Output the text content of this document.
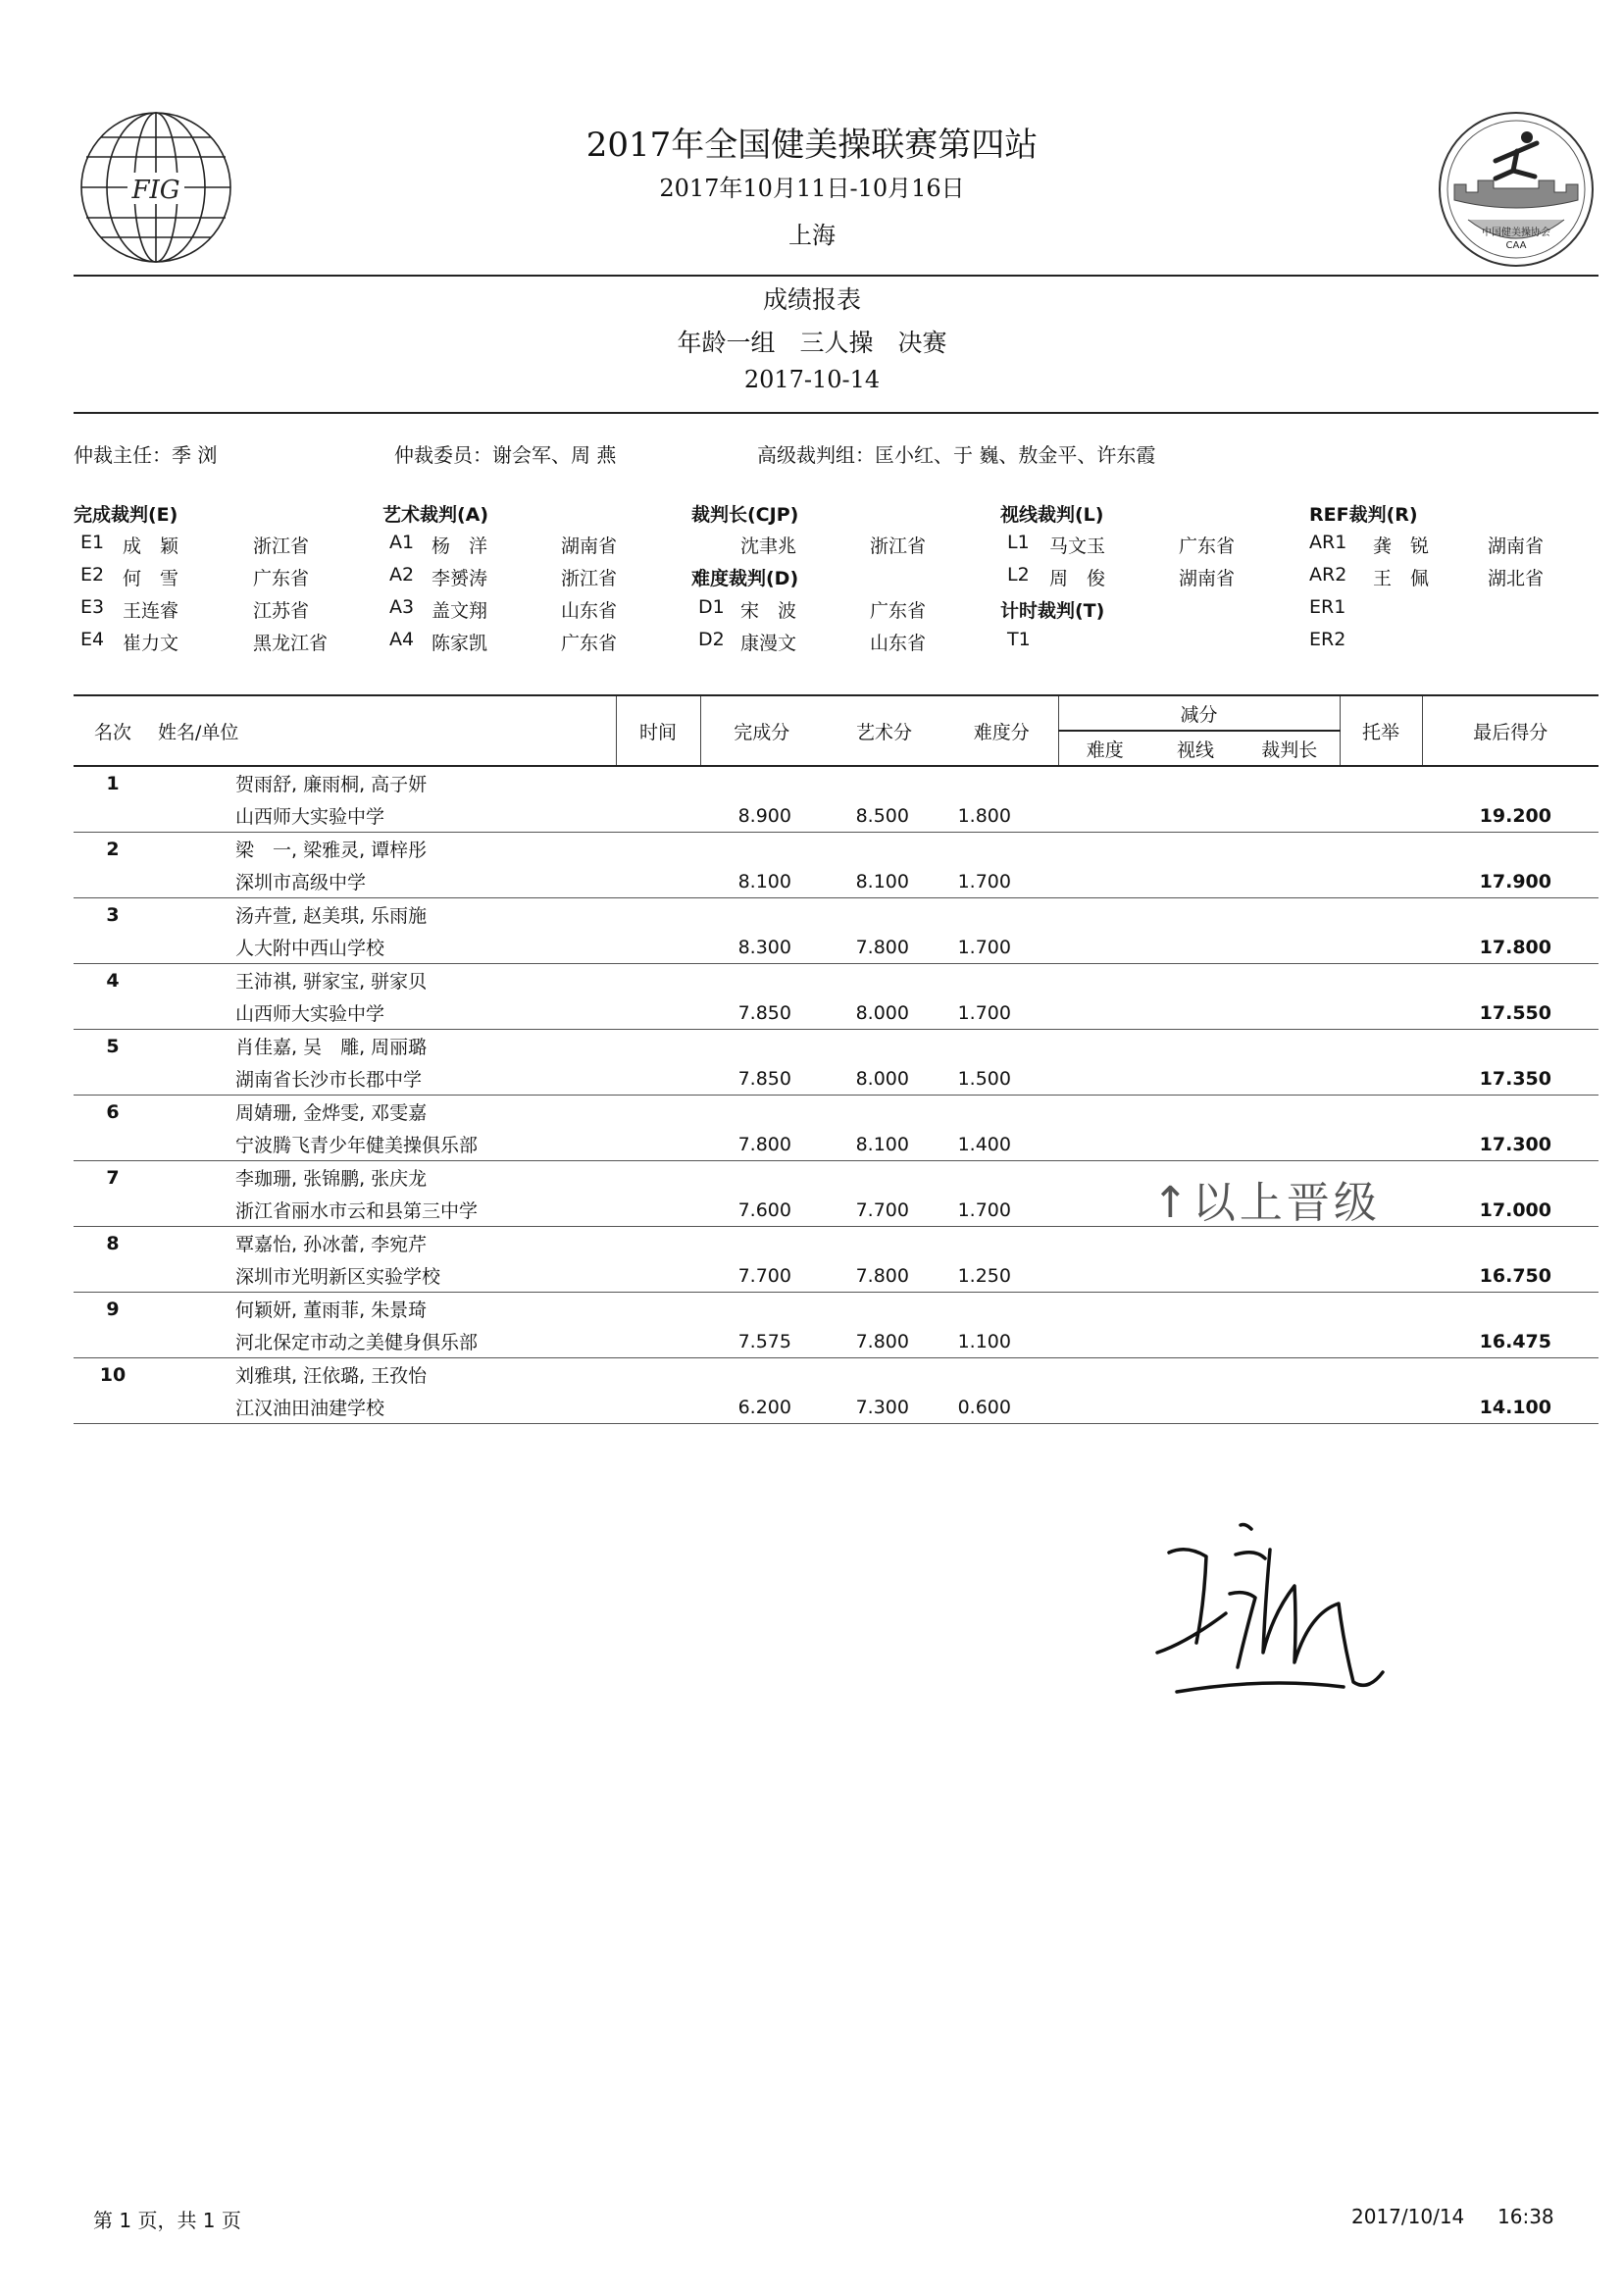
FIG
中国健美操协会
CAA
2017年全国健美操联赛第四站
2017年10月11日-10月16日
上海
成绩报表
年龄一组　三人操　决赛
2017-10-14
仲裁主任：季 浏	仲裁委员：谢会军、周 燕	高级裁判组：匡小红、于 巍、敖金平、许东霞
完成裁判(E)
E1 成　颖	浙江省
E2 何　雪	广东省
E3 王连睿	江苏省
E4 崔力文	黑龙江省
艺术裁判(A)
A1 杨　洋	湖南省
A2 李赟涛	浙江省
A3 盖文翔	山东省
A4 陈家凯	广东省
裁判长(CJP)
沈聿兆	浙江省
难度裁判(D)
D1 宋　波	广东省
D2 康漫文	山东省
视线裁判(L)
L1 马文玉	广东省
L2 周　俊	湖南省
计时裁判(T)
T1
REF裁判(R)
AR1 龚　锐	湖南省
AR2 王　佩	湖北省
ER1
ER2
名次	姓名/单位	时间	完成分	艺术分	难度分	减分			托举	最后得分
						难度	视线	裁判长		
1	贺雨舒, 廉雨桐, 高子妍									
	山西师大实验中学		8.900	8.500	1.800					19.200
2	梁　一, 梁雅灵, 谭梓彤									
	深圳市高级中学		8.100	8.100	1.700					17.900
3	汤卉萱, 赵美琪, 乐雨施									
	人大附中西山学校		8.300	7.800	1.700					17.800
4	王沛祺, 骈家宝, 骈家贝									
	山西师大实验中学		7.850	8.000	1.700					17.550
5	肖佳嘉, 吴　雕, 周丽璐									
	湖南省长沙市长郡中学		7.850	8.000	1.500					17.350
6	周婧珊, 金烨雯, 邓雯嘉									
	宁波腾飞青少年健美操俱乐部		7.800	8.100	1.400					17.300
7	李珈珊, 张锦鹏, 张庆龙									
	浙江省丽水市云和县第三中学		7.600	7.700	1.700					17.000
8	覃嘉怡, 孙冰蕾, 李宛芹									
	深圳市光明新区实验学校		7.700	7.800	1.250					16.750
9	何颖妍, 董雨菲, 朱景琦									
	河北保定市动之美健身俱乐部		7.575	7.800	1.100					16.475
10	刘雅琪, 汪依璐, 王孜怡									
	江汉油田油建学校		6.200	7.300	0.600					14.100
↑以上晋级
第 1 页，共 1 页	2017/10/14 16:38
